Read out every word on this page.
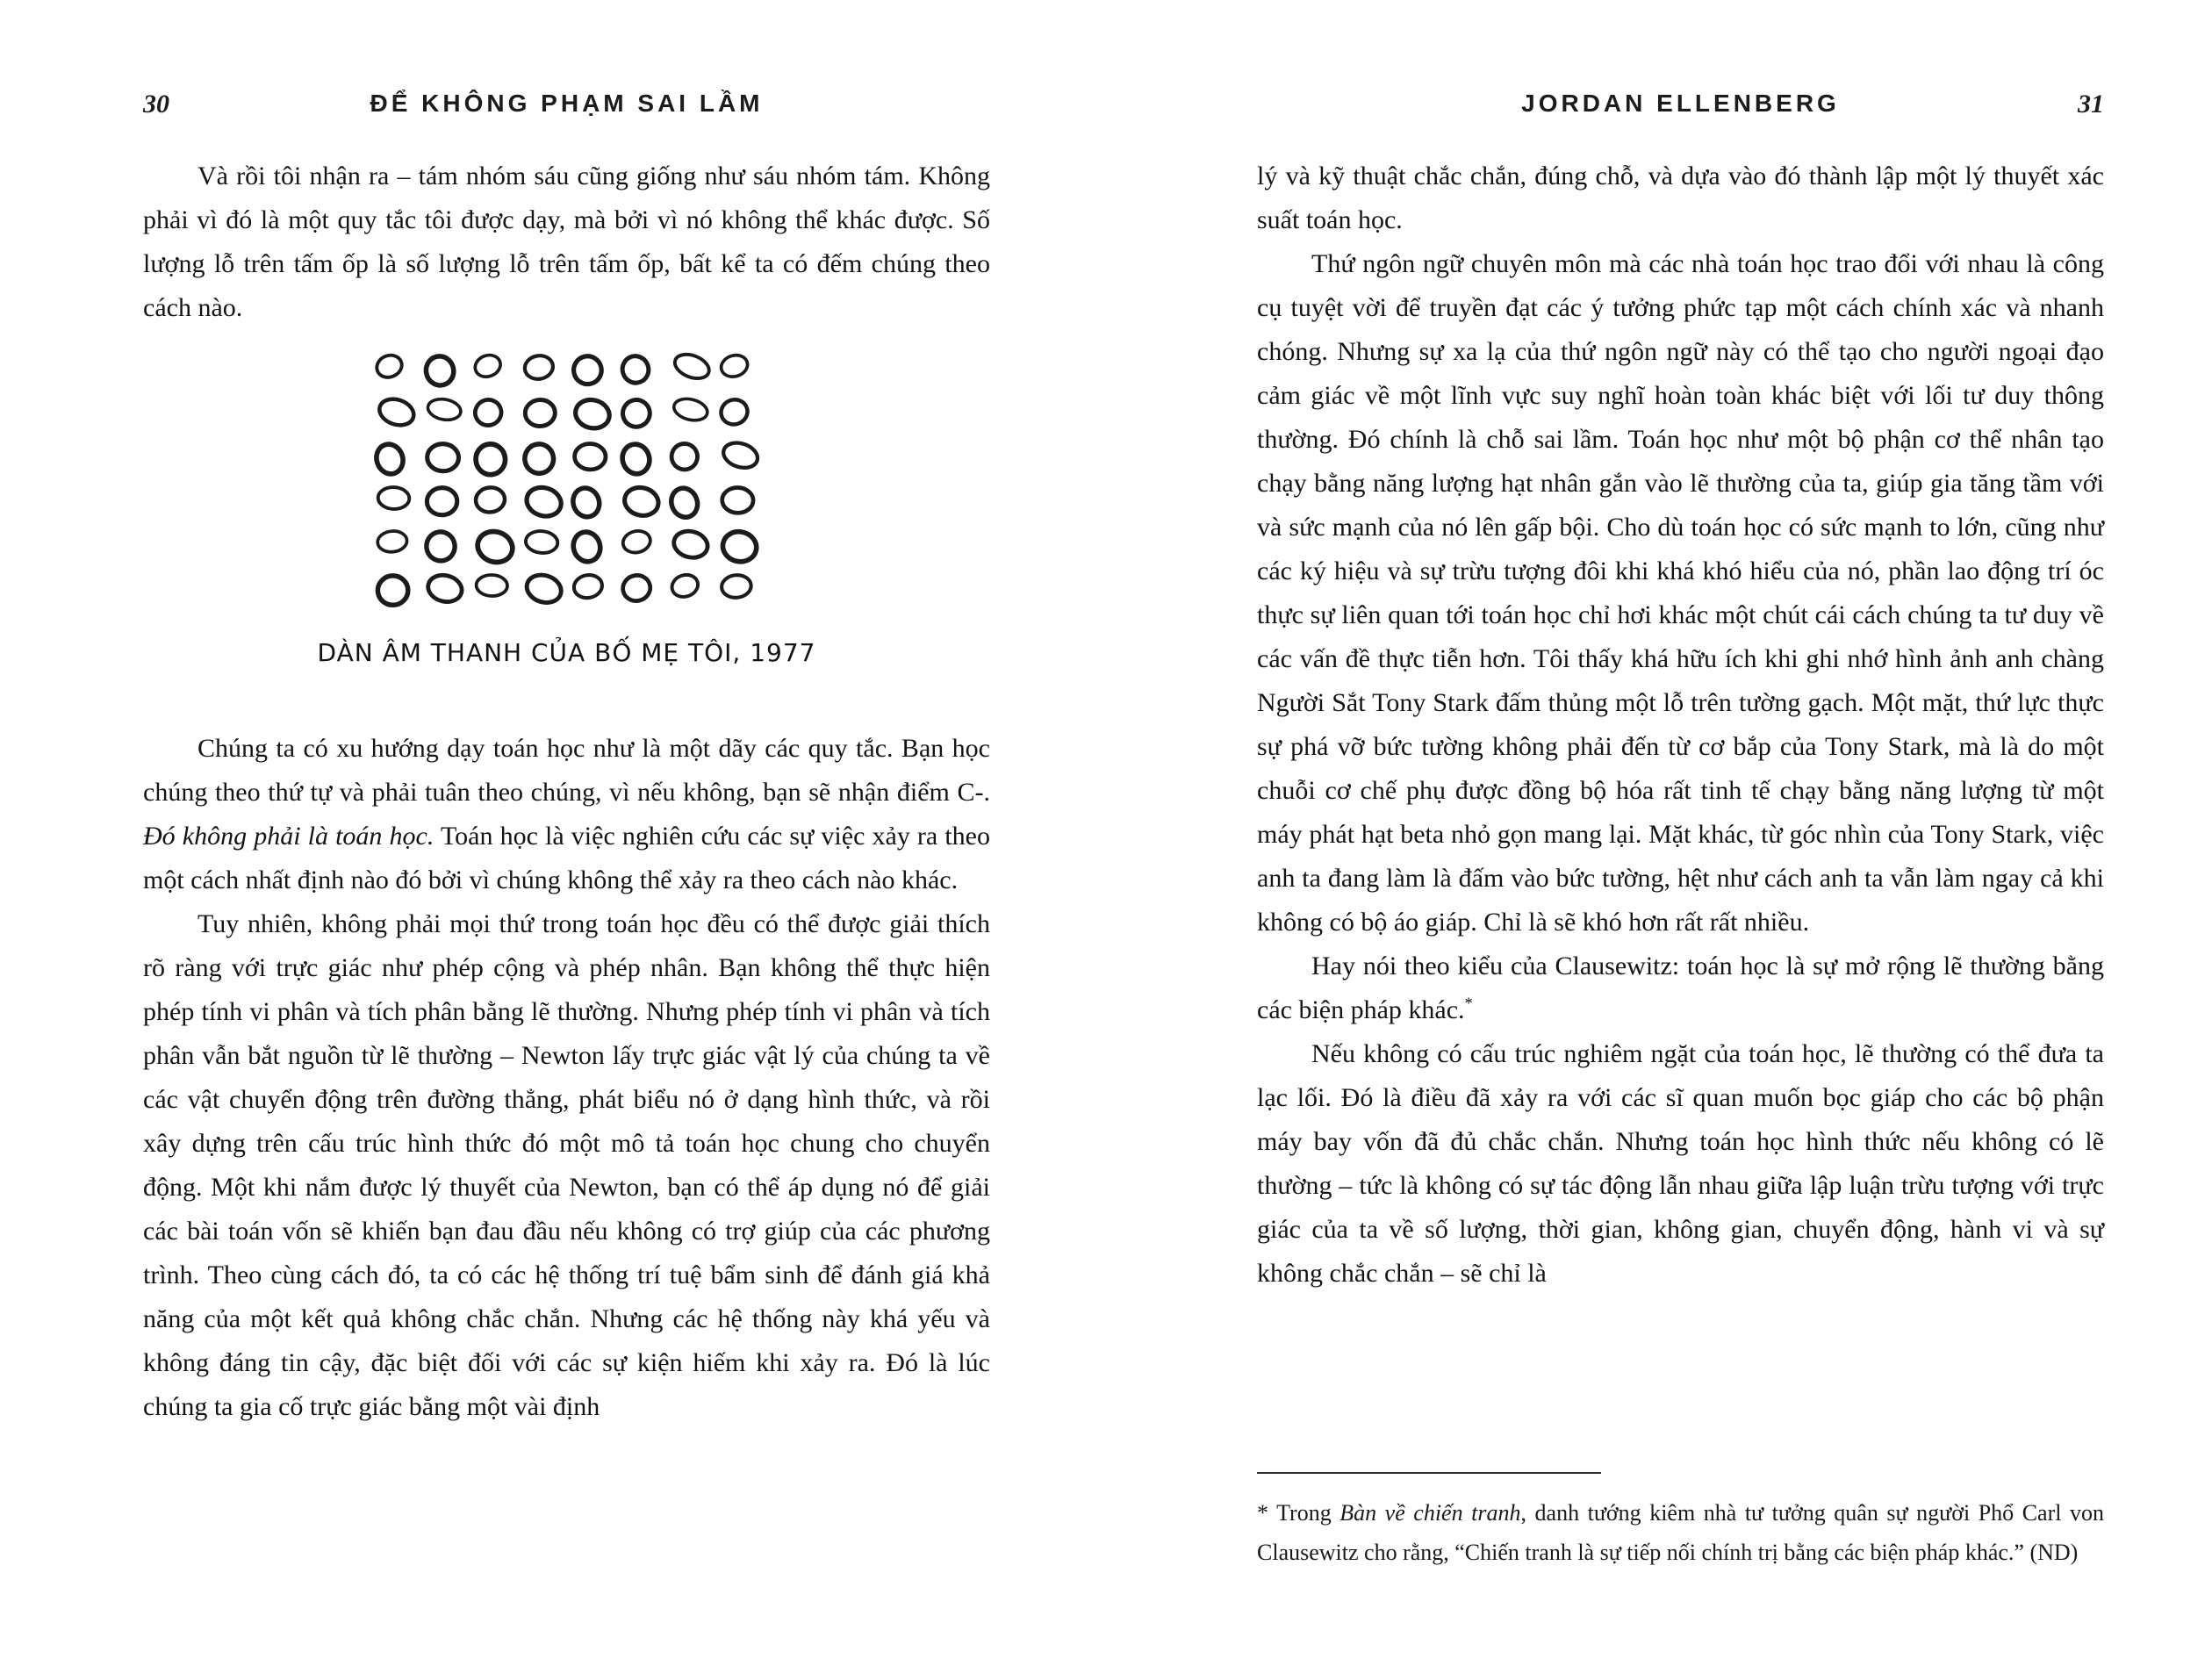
30	ĐỂ KHÔNG PHẠM SAI LẦM

Và rồi tôi nhận ra – tám nhóm sáu cũng giống như sáu nhóm tám. Không phải vì đó là một quy tắc tôi được dạy, mà bởi vì nó không thể khác được. Số lượng lỗ trên tấm ốp là số lượng lỗ trên tấm ốp, bất kể ta có đếm chúng theo cách nào.

DÀN ÂM THANH CỦA BỐ MẸ TÔI, 1977

Chúng ta có xu hướng dạy toán học như là một dãy các quy tắc. Bạn học chúng theo thứ tự và phải tuân theo chúng, vì nếu không, bạn sẽ nhận điểm C-. Đó không phải là toán học. Toán học là việc nghiên cứu các sự việc xảy ra theo một cách nhất định nào đó bởi vì chúng không thể xảy ra theo cách nào khác.

Tuy nhiên, không phải mọi thứ trong toán học đều có thể được giải thích rõ ràng với trực giác như phép cộng và phép nhân. Bạn không thể thực hiện phép tính vi phân và tích phân bằng lẽ thường. Nhưng phép tính vi phân và tích phân vẫn bắt nguồn từ lẽ thường – Newton lấy trực giác vật lý của chúng ta về các vật chuyển động trên đường thẳng, phát biểu nó ở dạng hình thức, và rồi xây dựng trên cấu trúc hình thức đó một mô tả toán học chung cho chuyển động. Một khi nắm được lý thuyết của Newton, bạn có thể áp dụng nó để giải các bài toán vốn sẽ khiến bạn đau đầu nếu không có trợ giúp của các phương trình. Theo cùng cách đó, ta có các hệ thống trí tuệ bẩm sinh để đánh giá khả năng của một kết quả không chắc chắn. Nhưng các hệ thống này khá yếu và không đáng tin cậy, đặc biệt đối với các sự kiện hiếm khi xảy ra. Đó là lúc chúng ta gia cố trực giác bằng một vài định

JORDAN ELLENBERG	31

lý và kỹ thuật chắc chắn, đúng chỗ, và dựa vào đó thành lập một lý thuyết xác suất toán học.

Thứ ngôn ngữ chuyên môn mà các nhà toán học trao đổi với nhau là công cụ tuyệt vời để truyền đạt các ý tưởng phức tạp một cách chính xác và nhanh chóng. Nhưng sự xa lạ của thứ ngôn ngữ này có thể tạo cho người ngoại đạo cảm giác về một lĩnh vực suy nghĩ hoàn toàn khác biệt với lối tư duy thông thường. Đó chính là chỗ sai lầm. Toán học như một bộ phận cơ thể nhân tạo chạy bằng năng lượng hạt nhân gắn vào lẽ thường của ta, giúp gia tăng tầm với và sức mạnh của nó lên gấp bội. Cho dù toán học có sức mạnh to lớn, cũng như các ký hiệu và sự trừu tượng đôi khi khá khó hiểu của nó, phần lao động trí óc thực sự liên quan tới toán học chỉ hơi khác một chút cái cách chúng ta tư duy về các vấn đề thực tiễn hơn. Tôi thấy khá hữu ích khi ghi nhớ hình ảnh anh chàng Người Sắt Tony Stark đấm thủng một lỗ trên tường gạch. Một mặt, thứ lực thực sự phá vỡ bức tường không phải đến từ cơ bắp của Tony Stark, mà là do một chuỗi cơ chế phụ được đồng bộ hóa rất tinh tế chạy bằng năng lượng từ một máy phát hạt beta nhỏ gọn mang lại. Mặt khác, từ góc nhìn của Tony Stark, việc anh ta đang làm là đấm vào bức tường, hệt như cách anh ta vẫn làm ngay cả khi không có bộ áo giáp. Chỉ là sẽ khó hơn rất rất nhiều.

Hay nói theo kiểu của Clausewitz: toán học là sự mở rộng lẽ thường bằng các biện pháp khác.*

Nếu không có cấu trúc nghiêm ngặt của toán học, lẽ thường có thể đưa ta lạc lối. Đó là điều đã xảy ra với các sĩ quan muốn bọc giáp cho các bộ phận máy bay vốn đã đủ chắc chắn. Nhưng toán học hình thức nếu không có lẽ thường – tức là không có sự tác động lẫn nhau giữa lập luận trừu tượng với trực giác của ta về số lượng, thời gian, không gian, chuyển động, hành vi và sự không chắc chắn – sẽ chỉ là

* Trong Bàn về chiến tranh, danh tướng kiêm nhà tư tưởng quân sự người Phổ Carl von Clausewitz cho rằng, “Chiến tranh là sự tiếp nối chính trị bằng các biện pháp khác.” (ND)
